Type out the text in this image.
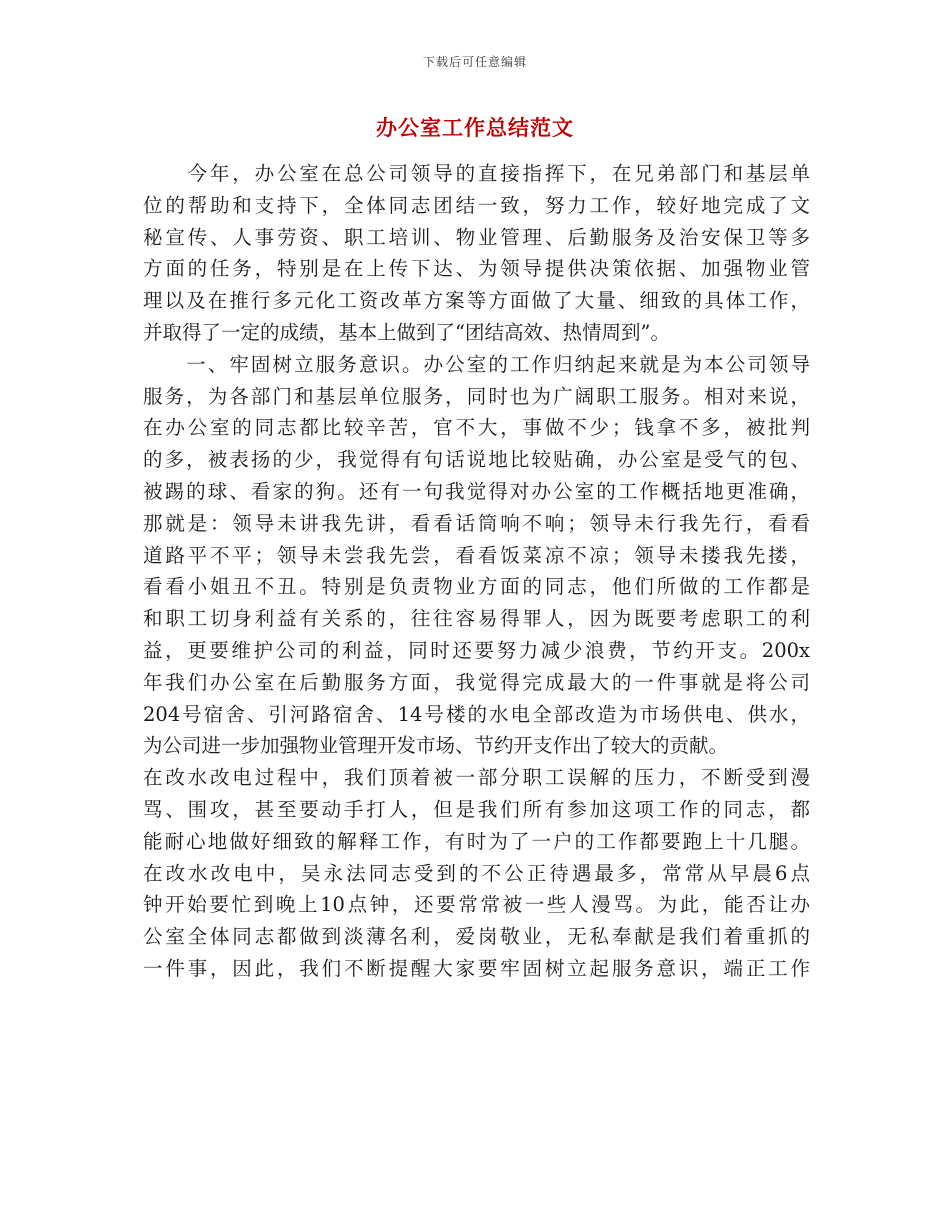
下载后可任意编辑
办公室工作总结范文
　　今年，办公室在总公司领导的直接指挥下，在兄弟部门和基层单
位的帮助和支持下，全体同志团结一致，努力工作，较好地完成了文
秘宣传、人事劳资、职工培训、物业管理、后勤服务及治安保卫等多
方面的任务，特别是在上传下达、为领导提供决策依据、加强物业管
理以及在推行多元化工资改革方案等方面做了大量、细致的具体工作，
并取得了一定的成绩，基本上做到了“团结高效、热情周到”。
　　一、牢固树立服务意识。办公室的工作归纳起来就是为本公司领导
服务，为各部门和基层单位服务，同时也为广阔职工服务。相对来说，
在办公室的同志都比较辛苦，官不大，事做不少；钱拿不多，被批判
的多，被表扬的少，我觉得有句话说地比较贴确，办公室是受气的包、
被踢的球、看家的狗。还有一句我觉得对办公室的工作概括地更准确，
那就是：领导未讲我先讲，看看话筒响不响；领导未行我先行，看看
道路平不平；领导未尝我先尝，看看饭菜凉不凉；领导未搂我先搂，
看看小姐丑不丑。特别是负责物业方面的同志，他们所做的工作都是
和职工切身利益有关系的，往往容易得罪人，因为既要考虑职工的利
益，更要维护公司的利益，同时还要努力减少浪费，节约开支。200x
年我们办公室在后勤服务方面，我觉得完成最大的一件事就是将公司
204号宿舍、引河路宿舍、14号楼的水电全部改造为市场供电、供水，
为公司进一步加强物业管理开发市场、节约开支作出了较大的贡献。
在改水改电过程中，我们顶着被一部分职工误解的压力，不断受到漫
骂、围攻，甚至要动手打人，但是我们所有参加这项工作的同志，都
能耐心地做好细致的解释工作，有时为了一户的工作都要跑上十几腿。
在改水改电中，吴永法同志受到的不公正待遇最多，常常从早晨6点
钟开始要忙到晚上10点钟，还要常常被一些人漫骂。为此，能否让办
公室全体同志都做到淡薄名利，爱岗敬业，无私奉献是我们着重抓的
一件事，因此，我们不断提醒大家要牢固树立起服务意识，端正工作
